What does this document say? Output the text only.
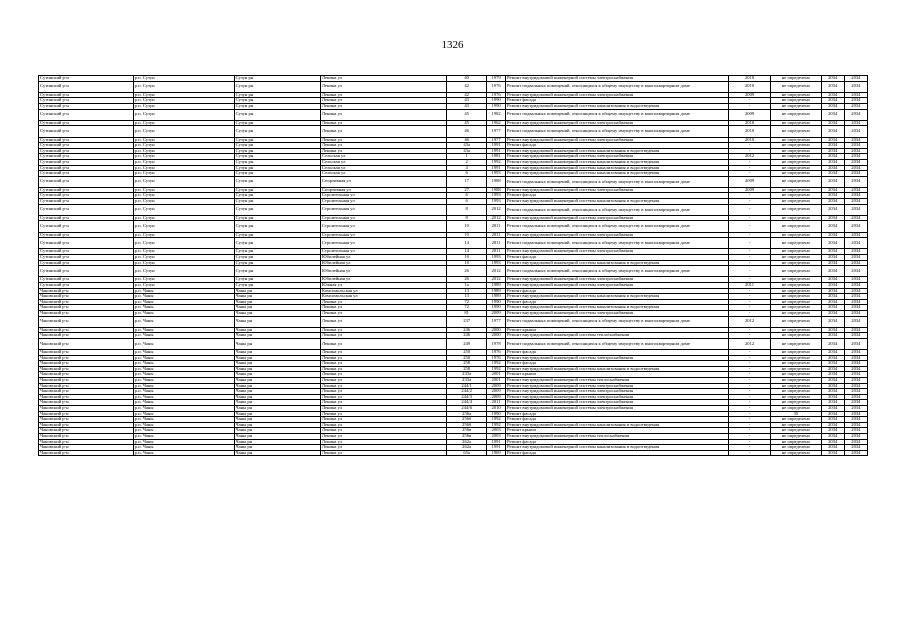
1326
Сутинский р-н	р.п. Сузун	Сузун рн	Ленина ул	40	1979	Ремонт внутридомовой инженерной системы электроснабжения	2010	не определено	2034	2034
Сутинский р-н	р.п. Сузун	Сузун рн	Ленина ул	42	1976	Ремонт подвальных помещений, относящихся к общему имуществу в многоквартирном доме	2010	не определено	2034	2034
Сутинский р-н	р.п. Сузун	Сузун рн	Ленина ул	42	1976	Ремонт внутридомовой инженерной системы электроснабжения	2009	не определено	2034	2034
Сутинский р-н	р.п. Сузун	Сузун рн	Ленина ул	43	1990	Ремонт фасада	-	не определено	2034	2034
Сутинский р-н	р.п. Сузун	Сузун рн	Ленина ул	43	1990	Ремонт внутридомовой инженерной системы канализования и водоотведения	-	не определено	2034	2034
Сутинский р-н	р.п. Сузун	Сузун рн	Ленина ул	45	1982	Ремонт подвальных помещений, относящихся к общему имуществу в многоквартирном доме	2009	не определено	2034	2034
Сутинский р-н	р.п. Сузун	Сузун рн	Ленина ул	45	1962	Ремонт внутридомовой инженерной системы электроснабжения	2010	не определено	2034	2034
Сутинский р-н	р.п. Сузун	Сузун рн	Ленина ул	46	1977	Ремонт подвальных помещений, относящихся к общему имуществу в многоквартирном доме	2010	не определено	2034	2034
Сутинский р-н	р.п. Сузун	Сузун рн	Ленина ул	46	1977	Ремонт внутридомовой инженерной системы электроснабжения	2010	не определено	2034	2034
Сутинский р-н	р.п. Сузун	Сузун рн	Ленина ул	43а	1991	Ремонт фасада	-	не определено	2034	2034
Сутинский р-н	р.п. Сузун	Сузун рн	Ленина ул	43а	1991	Ремонт внутридомовой инженерной системы канализования и водоотведения	-	не определено	2034	2034
Сутинский р-н	р.п. Сузун	Сузун рн	Сельская ул	1	1981	Ремонт внутридомовой инженерной системы электроснабжения	2012	не определено	2034	2034
Сутинский р-н	р.п. Сузун	Сузун рн	Сельская ул	2	1992	Ремонт внутридомовой инженерной системы канализования и водоотведения	-	не определено	2034	2034
Сутинский р-н	р.п. Сузун	Сузун рн	Сельская ул	4	1991	Ремонт внутридомовой инженерной системы канализования и водоотведения	-	не определено	2034	2034
Сутинский р-н	р.п. Сузун	Сузун рн	Сельская ул	6	1993	Ремонт внутридомовой инженерной системы канализования и водоотведения	-	не определено	2034	2034
Сутинский р-н	р.п. Сузун	Сузун рн	Спортивная ул	17	1988	Ремонт подвальных помещений, относящихся к общему имуществу в многоквартирном доме	2009	не определено	2034	2034
Сутинский р-н	р.п. Сузун	Сузун рн	Спортивная ул	27	1988	Ремонт внутридомовой инженерной системы электроснабжения	2009	не определено	2034	2034
Сутинский р-н	р.п. Сузун	Сузун рн	Строительная ул	6	1993	Ремонт фасада	-	не определено	2034	2034
Сутинский р-н	р.п. Сузун	Сузун рн	Строительная ул	6	1993	Ремонт внутридомовой инженерной системы канализования и водоотведения	-	не определено	2034	2034
Сутинский р-н	р.п. Сузун	Сузун рн	Строительная ул	8	2012	Ремонт подвальных помещений, относящихся к общему имуществу в многоквартирном доме	-	не определено	2034	2034
Сутинский р-н	р.п. Сузун	Сузун рн	Строительная ул	8	2012	Ремонт внутридомовой инженерной системы электроснабжения	-	не определено	2034	2034
Сутинский р-н	р.п. Сузун	Сузун рн	Строительная ул	10	2011	Ремонт подвальных помещений, относящихся к общему имуществу в многоквартирном доме	-	не определено	2034	2034
Сутинский р-н	р.п. Сузун	Сузун рн	Строительная ул	10	2011	Ремонт внутридомовой инженерной системы электроснабжения	-	не определено	2034	2034
Сутинский р-н	р.п. Сузун	Сузун рн	Строительная ул	14	2011	Ремонт подвальных помещений, относящихся к общему имуществу в многоквартирном доме	-	не определено	2034	2034
Сутинский р-н	р.п. Сузун	Сузун рн	Строительная ул	14	2011	Ремонт внутридомовой инженерной системы электроснабжения	-	не определено	2034	2034
Сутинский р-н	р.п. Сузун	Сузун рн	Юбилейная ул	1б	1993	Ремонт фасада	-	не определено	2034	2034
Сутинский р-н	р.п. Сузун	Сузун рн	Юбилейная ул	1б	1993	Ремонт внутридомовой инженерной системы канализования и водоотведения	-	не определено	2034	2034
Сутинский р-н	р.п. Сузун	Сузун рн	Юбилейная ул	26	2012	Ремонт подвальных помещений, относящихся к общему имуществу в многоквартирном доме	-	не определено	2034	2034
Сутинский р-н	р.п. Сузун	Сузун рн	Юбилейная ул	26	2012	Ремонт внутридомовой инженерной системы электроснабжения	-	не определено	2034	2034
Сутинский р-н	р.п. Сузун	Сузун рн	Южная ул	1а	1989	Ремонт внутридомовой инженерной системы электроснабжения	2011	не определено	2034	2034
Чановский р-н	р.п. Чаны	Чаны рн	Комсомольская ул	13	1989	Ремонт фасада	-	не определено	2034	2034
Чановский р-н	р.п. Чаны	Чаны рн	Комсомольская ул	13	1989	Ремонт внутридомовой инженерной системы канализования и водоотведения	-	не определено	2034	2034
Чановский р-н	р.п. Чаны	Чаны рн	Ленина ул	72	1990	Ремонт фасада	-	не определено	2034	2034
Чановский р-н	р.п. Чаны	Чаны рн	Ленина ул	72	1990	Ремонт внутридомовой инженерной системы канализования и водоотведения	-	не определено	2034	2034
Чановский р-н	р.п. Чаны	Чаны рн	Ленина ул	81	2009	Ремонт внутридомовой инженерной системы электроснабжения	-	не определено	2034	2034
Чановский р-н	р.п. Чаны	Чаны рн	Ленина ул	237	1977	Ремонт подвальных помещений, относящихся к общему имуществу в многоквартирном доме	2012	не определено	2034	2034
Чановский р-н	р.п. Чаны	Чаны рн	Ленина ул	246	2000	Ремонт крыши	-	не определено	2034	2034
Чановский р-н	р.п. Чаны	Чаны рн	Ленина ул	246	2000	Ремонт внутридомовой инженерной системы теплоснабжения	-	не определено	2034	2034
Чановский р-н	р.п. Чаны	Чаны рн	Ленина ул	249	1978	Ремонт подвальных помещений, относящихся к общему имуществу в многоквартирном доме	2012	не определено	2034	2034
Чановский р-н	р.п. Чаны	Чаны рн	Ленина ул	250	1976	Ремонт фасада	-	не определено	2034	2034
Чановский р-н	р.п. Чаны	Чаны рн	Ленина ул	250	1976	Ремонт внутридомовой инженерной системы электроснабжения	-	не определено	2034	2034
Чановский р-н	р.п. Чаны	Чаны рн	Ленина ул	258	1992	Ремонт фасада	-	не определено	2034	2034
Чановский р-н	р.п. Чаны	Чаны рн	Ленина ул	258	1992	Ремонт внутридомовой инженерной системы канализования и водоотведения	-	не определено	2034	2034
Чановский р-н	р.п. Чаны	Чаны рн	Ленина ул	233а	2001	Ремонт крыши	-	не определено	2034	2034
Чановский р-н	р.п. Чаны	Чаны рн	Ленина ул	233а	2001	Ремонт внутридомовой инженерной системы теплоснабжения	-	не определено	2034	2034
Чановский р-н	р.п. Чаны	Чаны рн	Ленина ул	244/1	2009	Ремонт внутридомовой инженерной системы электроснабжения	-	не определено	2034	2034
Чановский р-н	р.п. Чаны	Чаны рн	Ленина ул	244/2	2009	Ремонт внутридомовой инженерной системы электроснабжения	-	не определено	2034	2034
Чановский р-н	р.п. Чаны	Чаны рн	Ленина ул	244/3	2009	Ремонт внутридомовой инженерной системы электроснабжения	-	не определено	2034	2034
Чановский р-н	р.п. Чаны	Чаны рн	Ленина ул	244/4	2011	Ремонт внутридомовой инженерной системы электроснабжения	-	не определено	2034	2034
Чановский р-н	р.п. Чаны	Чаны рн	Ленина ул	244/6	2010	Ремонт внутридомовой инженерной системы электроснабжения	-	не определено	2034	2034
Чановский р-н	р.п. Чаны	Чаны рн	Ленина ул	256а	1990	Ремонт фасада	-	35	2034	2034
Чановский р-н	р.п. Чаны	Чаны рн	Ленина ул	256б	1992	Ремонт фасада	-	не определено	2034	2034
Чановский р-н	р.п. Чаны	Чаны рн	Ленина ул	256б	1992	Ремонт внутридомовой инженерной системы канализования и водоотведения	-	не определено	2034	2034
Чановский р-н	р.п. Чаны	Чаны рн	Ленина ул	256в	2003	Ремонт крыши	-	не определено	2034	2034
Чановский р-н	р.п. Чаны	Чаны рн	Ленина ул	256в	2003	Ремонт внутридомовой инженерной системы теплоснабжения	-	не определено	2034	2034
Чановский р-н	р.п. Чаны	Чаны рн	Ленина ул	262а	1991	Ремонт фасада	-	не определено	2034	2034
Чановский р-н	р.п. Чаны	Чаны рн	Ленина ул	262а	1991	Ремонт внутридомовой инженерной системы канализования и водоотведения	-	не определено	2034	2034
Чановский р-н	р.п. Чаны	Чаны рн	Ленина ул	65а	1969	Ремонт фасада	-	не определено	2034	2034
